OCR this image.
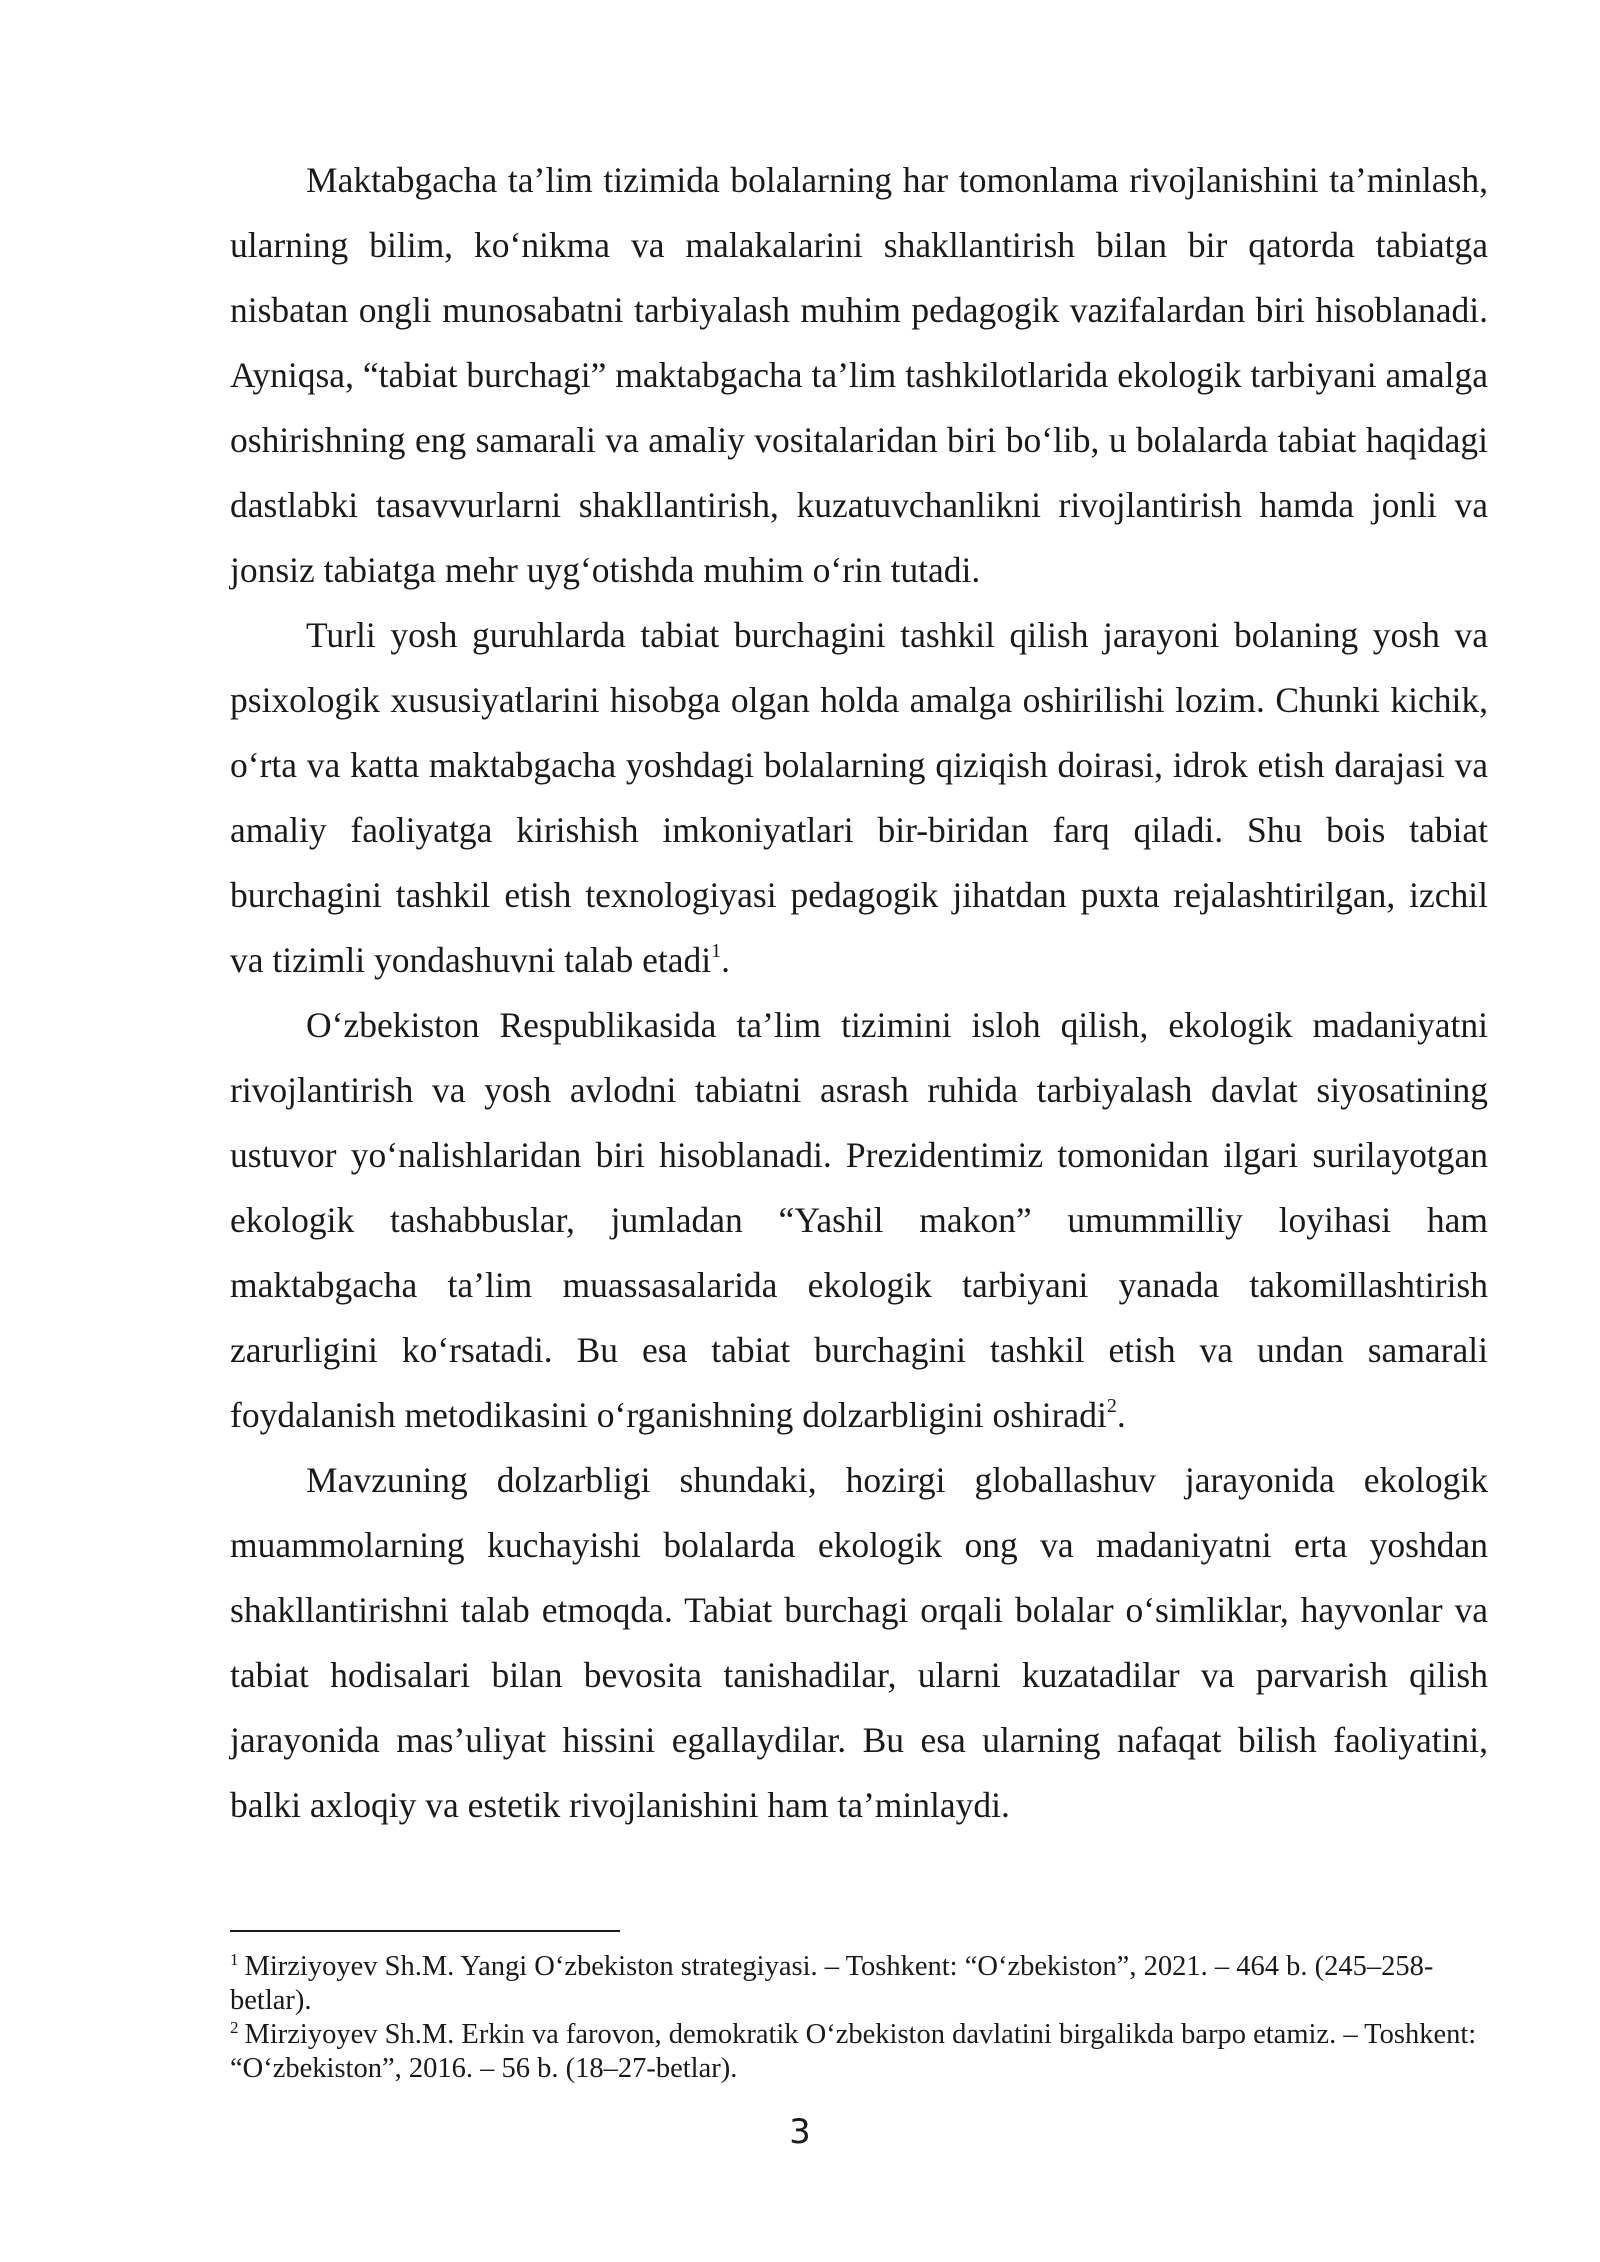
Maktabgacha ta’lim tizimida bolalarning har tomonlama rivojlanishini ta’minlash, ularning bilim, koʻnikma va malakalarini shakllantirish bilan bir qatorda tabiatga nisbatan ongli munosabatni tarbiyalash muhim pedagogik vazifalardan biri hisoblanadi. Ayniqsa, “tabiat burchagi” maktabgacha ta’lim tashkilotlarida ekologik tarbiyani amalga oshirishning eng samarali va amaliy vositalaridan biri boʻlib, u bolalarda tabiat haqidagi dastlabki tasavvurlarni shakllantirish, kuzatuvchanlikni rivojlantirish hamda jonli va jonsiz tabiatga mehr uygʻotishda muhim oʻrin tutadi.

Turli yosh guruhlarda tabiat burchagini tashkil qilish jarayoni bolaning yosh va psixologik xususiyatlarini hisobga olgan holda amalga oshirilishi lozim. Chunki kichik, oʻrta va katta maktabgacha yoshdagi bolalarning qiziqish doirasi, idrok etish darajasi va amaliy faoliyatga kirishish imkoniyatlari bir-biridan farq qiladi. Shu bois tabiat burchagini tashkil etish texnologiyasi pedagogik jihatdan puxta rejalashtirilgan, izchil va tizimli yondashuvni talab etadi$^1$.

Oʻzbekiston Respublikasida ta’lim tizimini isloh qilish, ekologik madaniyatni rivojlantirish va yosh avlodni tabiatni asrash ruhida tarbiyalash davlat siyosatining ustuvor yoʻnalishlaridan biri hisoblanadi. Prezidentimiz tomonidan ilgari surilayotgan ekologik tashabbuslar, jumladan “Yashil makon” umummilliy loyihasi ham maktabgacha ta’lim muassasalarida ekologik tarbiyani yanada takomillashtirish zarurligini koʻrsatadi. Bu esa tabiat burchagini tashkil etish va undan samarali foydalanish metodikasini oʻrganishning dolzarbligini oshiradi$^2$.

Mavzuning dolzarbligi shundaki, hozirgi globallashuv jarayonida ekologik muammolarning kuchayishi bolalarda ekologik ong va madaniyatni erta yoshdan shakllantirishni talab etmoqda. Tabiat burchagi orqali bolalar oʻsimliklar, hayvonlar va tabiat hodisalari bilan bevosita tanishadilar, ularni kuzatadilar va parvarish qilish jarayonida mas’uliyat hissini egallaydilar. Bu esa ularning nafaqat bilish faoliyatini, balki axloqiy va estetik rivojlanishini ham ta’minlaydi.

$^1$ Mirziyoyev Sh.M. Yangi Oʻzbekiston strategiyasi. – Toshkent: “Oʻzbekiston”, 2021. – 464 b. (245–258-betlar).

$^2$ Mirziyoyev Sh.M. Erkin va farovon, demokratik Oʻzbekiston davlatini birgalikda barpo etamiz. – Toshkent: “Oʻzbekiston”, 2016. – 56 b. (18–27-betlar).

3
